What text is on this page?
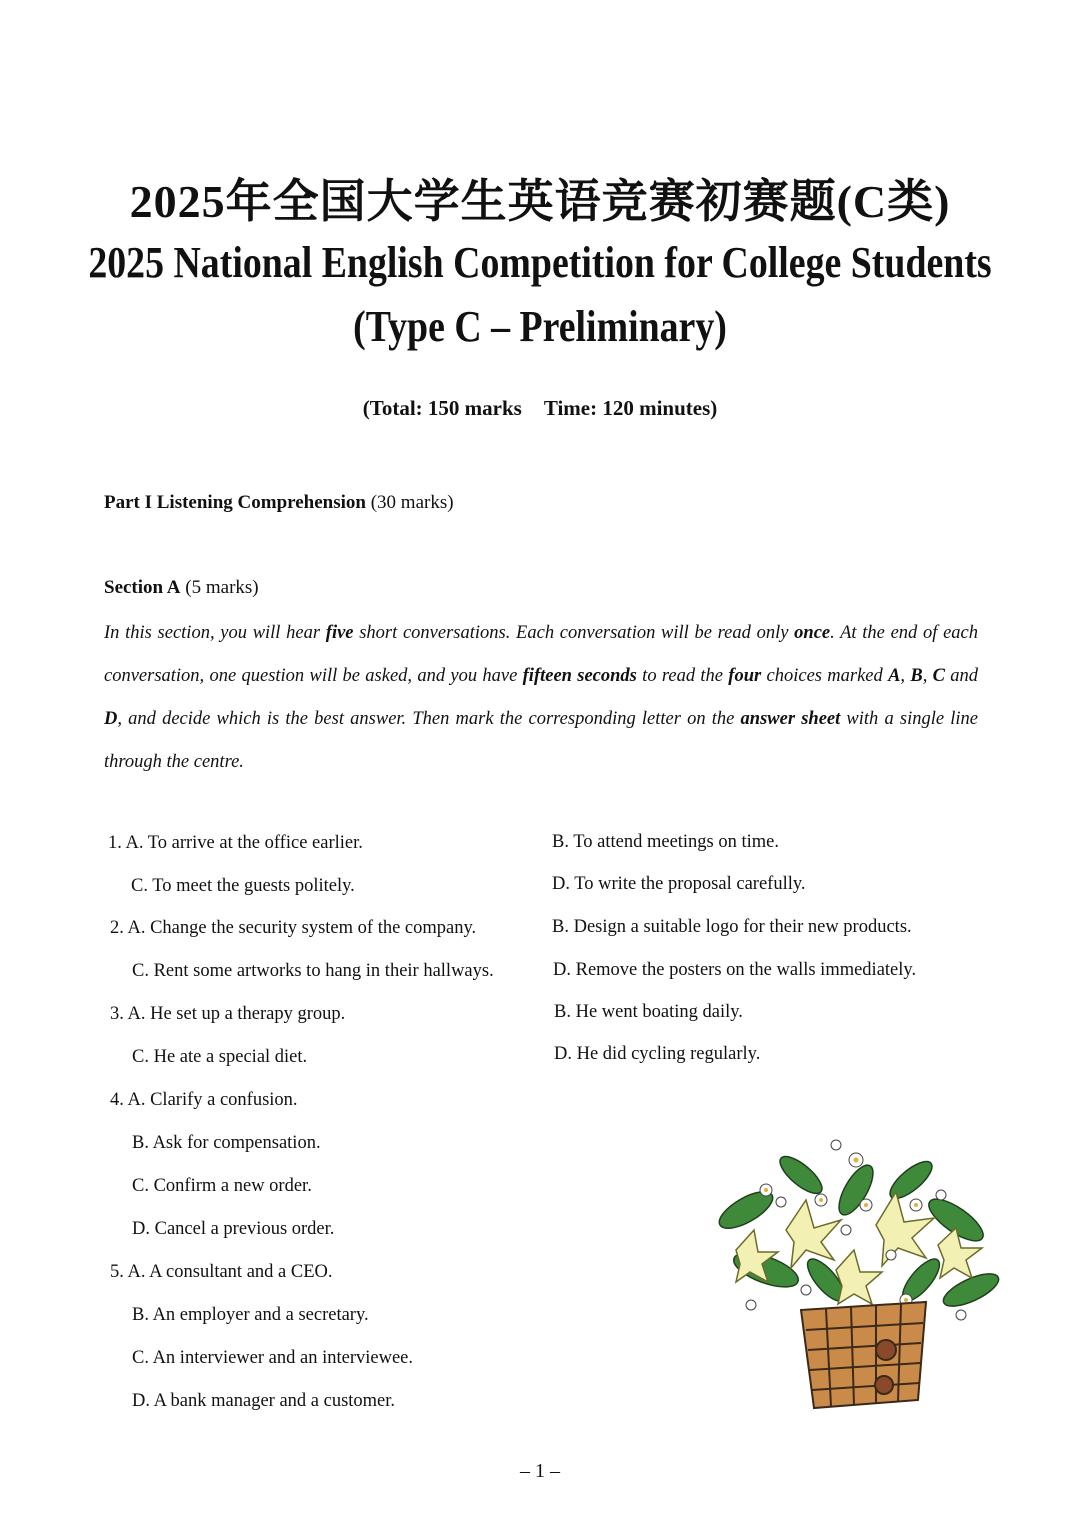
2025年全国大学生英语竞赛初赛题(C类)
2025 National English Competition for College Students
(Type C – Preliminary)
(Total: 150 marks Time: 120 minutes)
Part I Listening Comprehension (30 marks)
Section A (5 marks)
In this section, you will hear five short conversations. Each conversation will be read only once. At the end of each conversation, one question will be asked, and you have fifteen seconds to read the four choices marked A, B, C and D, and decide which is the best answer. Then mark the corresponding letter on the answer sheet with a single line through the centre.
1. A. To arrive at the office earlier.	B. To attend meetings on time.
C. To meet the guests politely.	D. To write the proposal carefully.
2. A. Change the security system of the company.	B. Design a suitable logo for their new products.
C. Rent some artworks to hang in their hallways.	D. Remove the posters on the walls immediately.
3. A. He set up a therapy group.	B. He went boating daily.
C. He ate a special diet.	D. He did cycling regularly.
4. A. Clarify a confusion.
B. Ask for compensation.
C. Confirm a new order.
D. Cancel a previous order.
5. A. A consultant and a CEO.
B. An employer and a secretary.
C. An interviewer and an interviewee.
D. A bank manager and a customer.
– 1 –
